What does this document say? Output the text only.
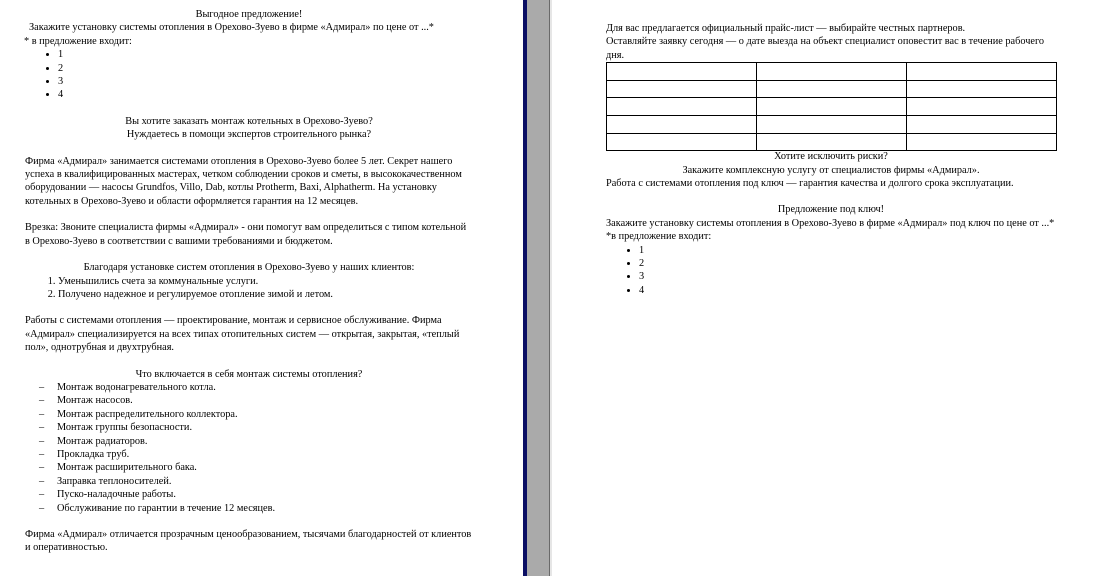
Выгодное предложение!

Закажите установку системы отопления в Орехово-Зуево в фирме «Адмирал» по цене от ...*

* в предложение входит:

• 1
• 2
• 3
• 4

Вы хотите заказать монтаж котельных в Орехово-Зуево?

Нуждаетесь в помощи экспертов строительного рынка?

Фирма «Адмирал» занимается системами отопления в Орехово-Зуево более 5 лет. Секрет нашего успеха в квалифицированных мастерах, четком соблюдении сроков и сметы, в высококачественном оборудовании — насосы Grundfos, Villo, Dab, котлы Protherm, Baxi, Alphatherm. На установку котельных в Орехово-Зуево и области оформляется гарантия на 12 месяцев.

Врезка: Звоните специалиста фирмы «Адмирал» - они помогут вам определиться с типом котельной в Орехово-Зуево в соответствии с вашими требованиями и бюджетом.

Благодаря установке систем отопления в Орехово-Зуево у наших клиентов:

1. Уменьшились счета за коммунальные услуги.
2. Получено надежное и регулируемое отопление зимой и летом.

Работы с системами отопления — проектирование, монтаж и сервисное обслуживание. Фирма «Адмирал» специализируется на всех типах отопительных систем — открытая, закрытая, «теплый пол», однотрубная и двухтрубная.

Что включается в себя монтаж системы отопления?

– Монтаж водонагревательного котла.
– Монтаж насосов.
– Монтаж распределительного коллектора.
– Монтаж группы безопасности.
– Монтаж радиаторов.
– Прокладка труб.
– Монтаж расширительного бака.
– Заправка теплоносителей.
– Пуско-наладочные работы.
– Обслуживание по гарантии в течение 12 месяцев.

Фирма «Адмирал» отличается прозрачным ценообразованием, тысячами благодарностей от клиентов и оперативностью.

Для вас предлагается официальный прайс-лист — выбирайте честных партнеров.

Оставляйте заявку сегодня — о дате выезда на объект специалист оповестит вас в течение рабочего дня.

Хотите исключить риски?

Закажите комплексную услугу от специалистов фирмы «Адмирал».

Работа с системами отопления под ключ — гарантия качества и долгого срока эксплуатации.

Предложение под ключ!

Закажите установку системы отопления в Орехово-Зуево в фирме «Адмирал» под ключ по цене от ...*

*в предложение входит:

• 1
• 2
• 3
• 4
